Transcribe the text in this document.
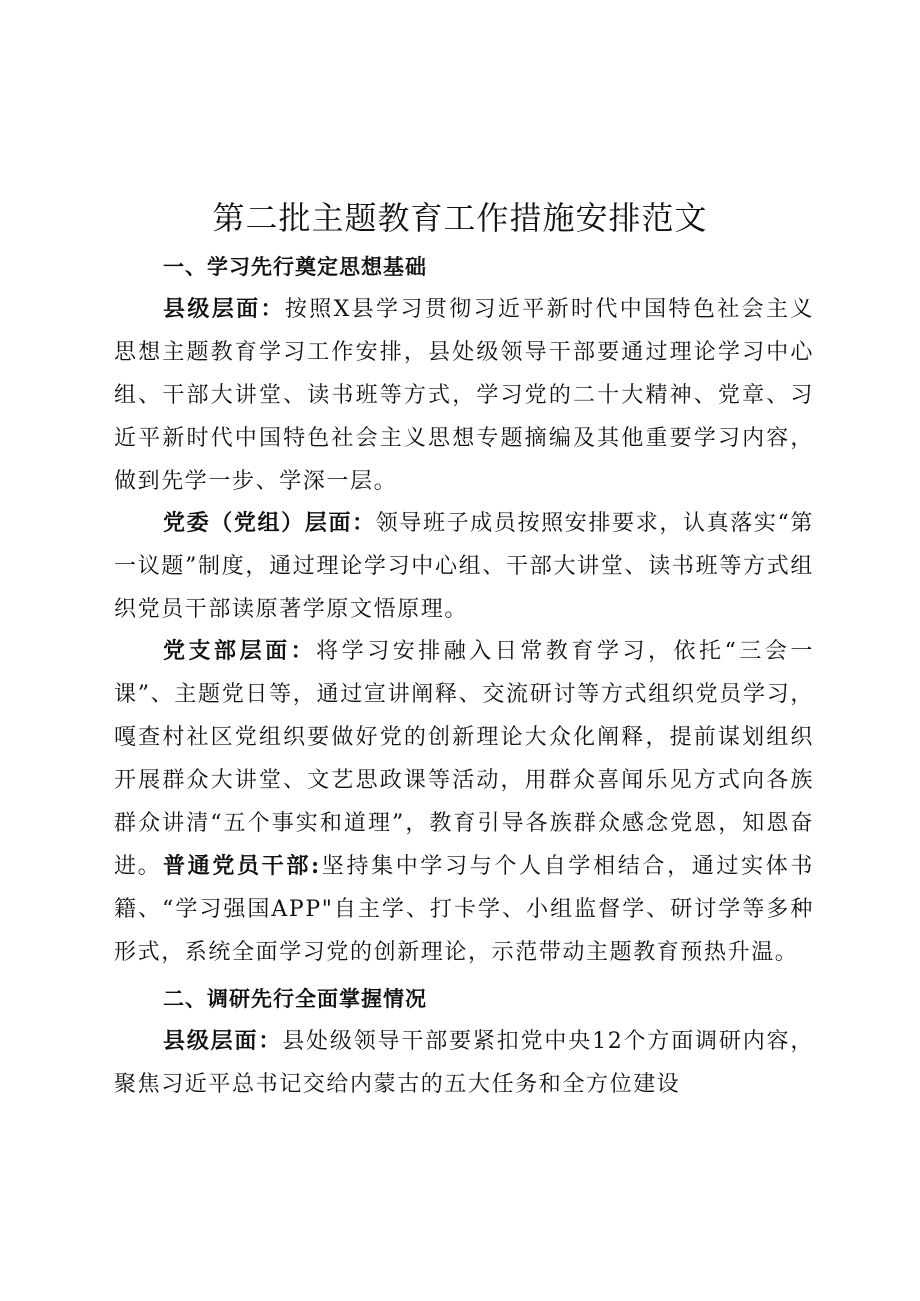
第二批主题教育工作措施安排范文
一、学习先行奠定思想基础

县级层面：按照X县学习贯彻习近平新时代中国特色社会主义思想主题教育学习工作安排，县处级领导干部要通过理论学习中心组、干部大讲堂、读书班等方式，学习党的二十大精神、党章、习近平新时代中国特色社会主义思想专题摘编及其他重要学习内容，做到先学一步、学深一层。

党委（党组）层面：领导班子成员按照安排要求，认真落实“第一议题”制度，通过理论学习中心组、干部大讲堂、读书班等方式组织党员干部读原著学原文悟原理。

党支部层面：将学习安排融入日常教育学习，依托“三会一课”、主题党日等，通过宣讲阐释、交流研讨等方式组织党员学习，嘎查村社区党组织要做好党的创新理论大众化阐释，提前谋划组织开展群众大讲堂、文艺思政课等活动，用群众喜闻乐见方式向各族群众讲清“五个事实和道理”，教育引导各族群众感念党恩，知恩奋进。 普通党员干部:坚持集中学习与个人自学相结合，通过实体书籍、“学习强国APP"自主学、打卡学、小组监督学、研讨学等多种形式，系统全面学习党的创新理论，示范带动主题教育预热升温。

二、调研先行全面掌握情况

县级层面：县处级领导干部要紧扣党中央12个方面调研内容，聚焦习近平总书记交给内蒙古的五大任务和全方位建设
